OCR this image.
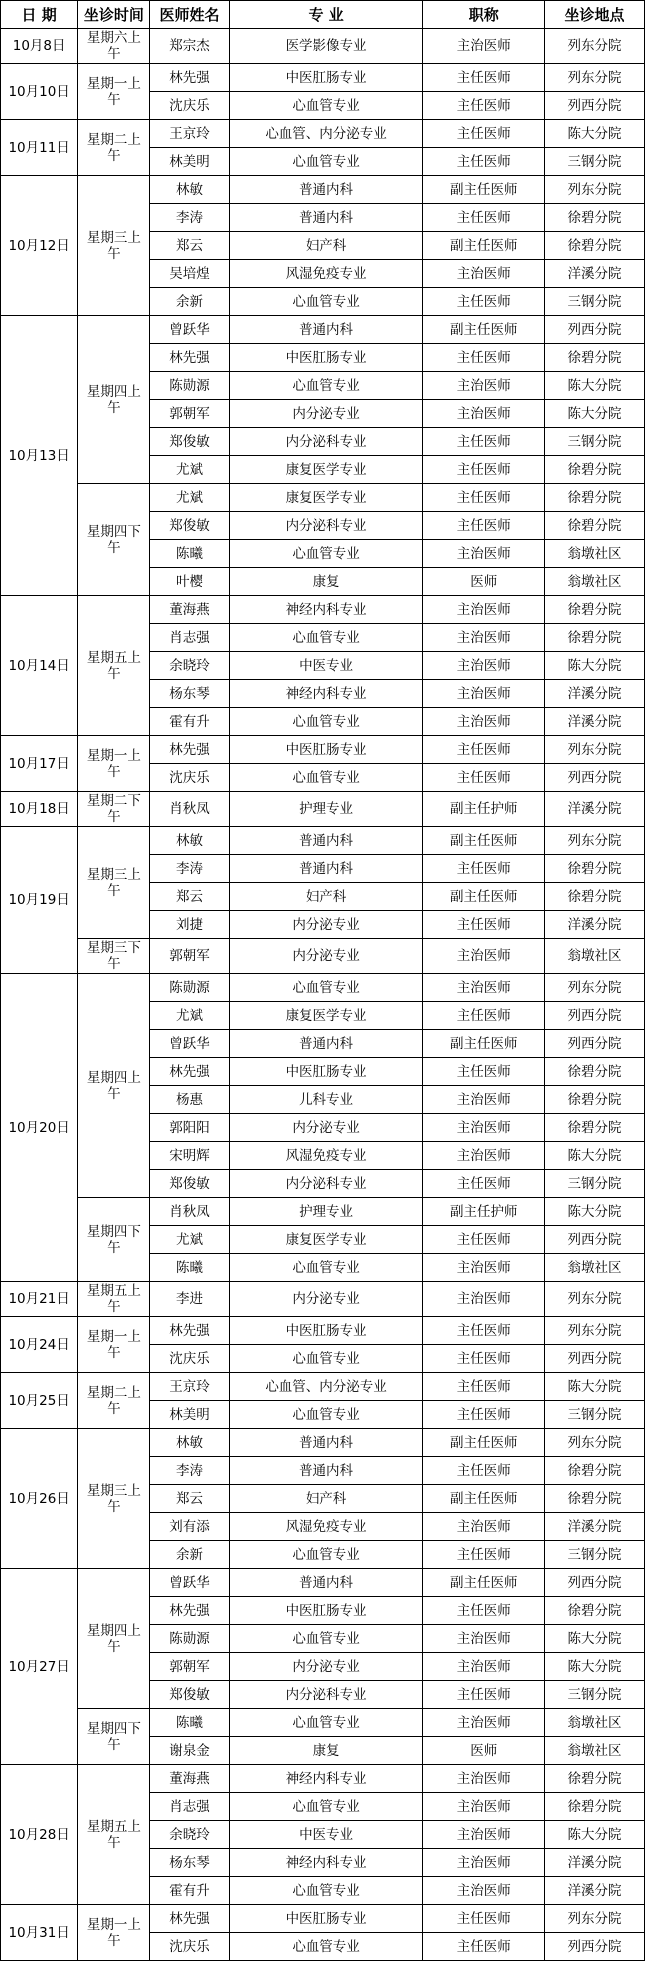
日 期	坐诊时间	医师姓名	专 业	职称	坐诊地点
10月8日	星期六上午	郑宗杰	医学影像专业	主治医师	列东分院
10月10日	星期一上午	林先强	中医肛肠专业	主任医师	列东分院
		沈庆乐	心血管专业	主任医师	列西分院
10月11日	星期二上午	王京玲	心血管、内分泌专业	主任医师	陈大分院
		林美明	心血管专业	主任医师	三钢分院
10月12日	星期三上午	林敏	普通内科	副主任医师	列东分院
		李涛	普通内科	主任医师	徐碧分院
		郑云	妇产科	副主任医师	徐碧分院
		吴培煌	风湿免疫专业	主治医师	洋溪分院
		余新	心血管专业	主任医师	三钢分院
10月13日	星期四上午	曾跃华	普通内科	副主任医师	列西分院
		林先强	中医肛肠专业	主任医师	徐碧分院
		陈勋源	心血管专业	主治医师	陈大分院
		郭朝军	内分泌专业	主治医师	陈大分院
		郑俊敏	内分泌科专业	主任医师	三钢分院
		尤斌	康复医学专业	主任医师	徐碧分院
	星期四下午	尤斌	康复医学专业	主任医师	徐碧分院
		郑俊敏	内分泌科专业	主任医师	徐碧分院
		陈曦	心血管专业	主治医师	翁墩社区
		叶樱	康复	医师	翁墩社区
10月14日	星期五上午	董海燕	神经内科专业	主治医师	徐碧分院
		肖志强	心血管专业	主治医师	徐碧分院
		余晓玲	中医专业	主治医师	陈大分院
		杨东琴	神经内科专业	主治医师	洋溪分院
		霍有升	心血管专业	主治医师	洋溪分院
10月17日	星期一上午	林先强	中医肛肠专业	主任医师	列东分院
		沈庆乐	心血管专业	主任医师	列西分院
10月18日	星期二下午	肖秋凤	护理专业	副主任护师	洋溪分院
10月19日	星期三上午	林敏	普通内科	副主任医师	列东分院
		李涛	普通内科	主任医师	徐碧分院
		郑云	妇产科	副主任医师	徐碧分院
		刘捷	内分泌专业	主任医师	洋溪分院
	星期三下午	郭朝军	内分泌专业	主治医师	翁墩社区
10月20日	星期四上午	陈勋源	心血管专业	主治医师	列东分院
		尤斌	康复医学专业	主任医师	列西分院
		曾跃华	普通内科	副主任医师	列西分院
		林先强	中医肛肠专业	主任医师	徐碧分院
		杨惠	儿科专业	主治医师	徐碧分院
		郭阳阳	内分泌专业	主治医师	徐碧分院
		宋明辉	风湿免疫专业	主治医师	陈大分院
		郑俊敏	内分泌科专业	主任医师	三钢分院
	星期四下午	肖秋凤	护理专业	副主任护师	陈大分院
		尤斌	康复医学专业	主任医师	列西分院
		陈曦	心血管专业	主治医师	翁墩社区
10月21日	星期五上午	李进	内分泌专业	主治医师	列东分院
10月24日	星期一上午	林先强	中医肛肠专业	主任医师	列东分院
		沈庆乐	心血管专业	主任医师	列西分院
10月25日	星期二上午	王京玲	心血管、内分泌专业	主任医师	陈大分院
		林美明	心血管专业	主任医师	三钢分院
10月26日	星期三上午	林敏	普通内科	副主任医师	列东分院
		李涛	普通内科	主任医师	徐碧分院
		郑云	妇产科	副主任医师	徐碧分院
		刘有添	风湿免疫专业	主治医师	洋溪分院
		余新	心血管专业	主任医师	三钢分院
10月27日	星期四上午	曾跃华	普通内科	副主任医师	列西分院
		林先强	中医肛肠专业	主任医师	徐碧分院
		陈勋源	心血管专业	主治医师	陈大分院
		郭朝军	内分泌专业	主治医师	陈大分院
		郑俊敏	内分泌科专业	主任医师	三钢分院
	星期四下午	陈曦	心血管专业	主治医师	翁墩社区
		谢泉金	康复	医师	翁墩社区
10月28日	星期五上午	董海燕	神经内科专业	主治医师	徐碧分院
		肖志强	心血管专业	主治医师	徐碧分院
		余晓玲	中医专业	主治医师	陈大分院
		杨东琴	神经内科专业	主治医师	洋溪分院
		霍有升	心血管专业	主治医师	洋溪分院
10月31日	星期一上午	林先强	中医肛肠专业	主任医师	列东分院
		沈庆乐	心血管专业	主任医师	列西分院
